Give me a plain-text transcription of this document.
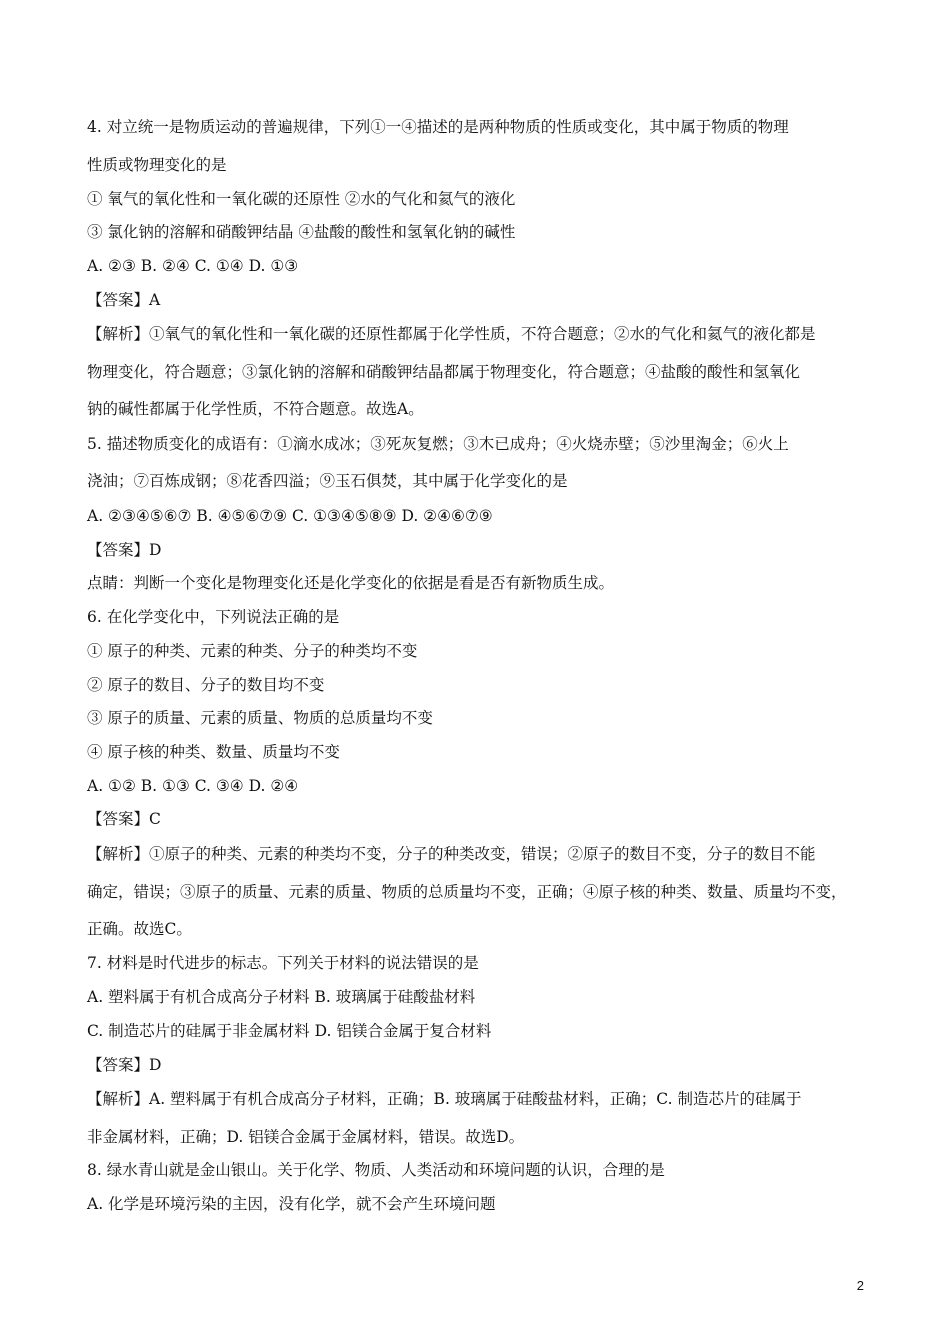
4. 对立统一是物质运动的普遍规律，下列①一④描述的是两种物质的性质或变化，其中属于物质的物理
性质或物理变化的是
① 氧气的氧化性和一氧化碳的还原性 ②水的气化和氦气的液化
③ 氯化钠的溶解和硝酸钾结晶 ④盐酸的酸性和氢氧化钠的碱性
A. ②③ B. ②④ C. ①④ D. ①③
【答案】A
【解析】①氧气的氧化性和一氧化碳的还原性都属于化学性质，不符合题意；②水的气化和氦气的液化都是
物理变化，符合题意；③氯化钠的溶解和硝酸钾结晶都属于物理变化，符合题意；④盐酸的酸性和氢氧化
钠的碱性都属于化学性质，不符合题意。故选A。
5. 描述物质变化的成语有：①滴水成冰；③死灰复燃；③木已成舟；④火烧赤壁；⑤沙里淘金；⑥火上
浇油；⑦百炼成钢；⑧花香四溢；⑨玉石俱焚，其中属于化学变化的是
A. ②③④⑤⑥⑦ B. ④⑤⑥⑦⑨ C. ①③④⑤⑧⑨ D. ②④⑥⑦⑨
【答案】D
点睛：判断一个变化是物理变化还是化学变化的依据是看是否有新物质生成。
6. 在化学变化中，下列说法正确的是
① 原子的种类、元素的种类、分子的种类均不变
② 原子的数目、分子的数目均不变
③ 原子的质量、元素的质量、物质的总质量均不变
④ 原子核的种类、数量、质量均不变
A. ①② B. ①③ C. ③④ D. ②④
【答案】C
【解析】①原子的种类、元素的种类均不变，分子的种类改变，错误；②原子的数目不变，分子的数目不能
确定，错误；③原子的质量、元素的质量、物质的总质量均不变，正确；④原子核的种类、数量、质量均不变，
正确。故选C。
7. 材料是时代进步的标志。下列关于材料的说法错误的是
A. 塑料属于有机合成高分子材料 B. 玻璃属于硅酸盐材料
C. 制造芯片的硅属于非金属材料 D. 铝镁合金属于复合材料
【答案】D
【解析】A. 塑料属于有机合成高分子材料，正确；B. 玻璃属于硅酸盐材料，正确；C. 制造芯片的硅属于
非金属材料，正确；D. 铝镁合金属于金属材料，错误。故选D。
8. 绿水青山就是金山银山。关于化学、物质、人类活动和环境问题的认识，合理的是
A. 化学是环境污染的主因，没有化学，就不会产生环境问题
2
